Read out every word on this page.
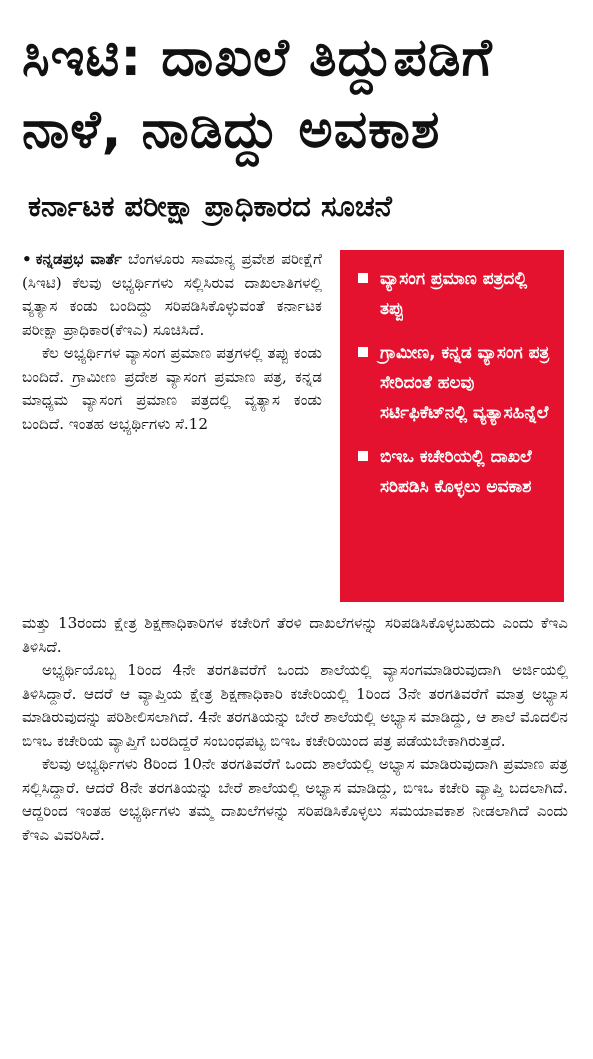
ಸಿಇಟಿ: ದಾಖಲೆ ತಿದ್ದುಪಡಿಗೆ
ನಾಳೆ, ನಾಡಿದ್ದು ಅವಕಾಶ
ಕರ್ನಾಟಕ ಪರೀಕ್ಷಾ ಪ್ರಾಧಿಕಾರದ ಸೂಚನೆ

• ಕನ್ನಡಪ್ರಭ ವಾರ್ತೆ ಬೆಂಗಳೂರು ಸಾಮಾನ್ಯ ಪ್ರವೇಶ ಪರೀಕ್ಷೆಗೆ (ಸಿಇಟಿ) ಕೆಲವು ಅಭ್ಯರ್ಥಿಗಳು ಸಲ್ಲಿಸಿರುವ ದಾಖಲಾತಿಗಳಲ್ಲಿ ವ್ಯತ್ಯಾಸ ಕಂಡು ಬಂದಿದ್ದು ಸರಿಪಡಿಸಿಕೊಳ್ಳುವಂತೆ ಕರ್ನಾಟಕ ಪರೀಕ್ಷಾ ಪ್ರಾಧಿಕಾರ(ಕೆಇಎ) ಸೂಚಿಸಿದೆ.

ಕೆಲ ಅಭ್ಯರ್ಥಿಗಳ ವ್ಯಾಸಂಗ ಪ್ರಮಾಣ ಪತ್ರಗಳಲ್ಲಿ ತಪ್ಪು ಕಂಡು ಬಂದಿದೆ. ಗ್ರಾಮೀಣ ಪ್ರದೇಶ ವ್ಯಾಸಂಗ ಪ್ರಮಾಣ ಪತ್ರ, ಕನ್ನಡ ಮಾಧ್ಯಮ ವ್ಯಾಸಂಗ ಪ್ರಮಾಣ ಪತ್ರದಲ್ಲಿ ವ್ಯತ್ಯಾಸ ಕಂಡು ಬಂದಿದೆ. ಇಂತಹ ಅಭ್ಯರ್ಥಿಗಳು ಸೆ.12

ವ್ಯಾಸಂಗ ಪ್ರಮಾಣ ಪತ್ರದಲ್ಲಿ ತಪ್ಪು
ಗ್ರಾಮೀಣ, ಕನ್ನಡ ವ್ಯಾಸಂಗ ಪತ್ರ ಸೇರಿದಂತೆ ಹಲವು ಸರ್ಟಿಫಿಕೆಟ್‌ನಲ್ಲಿ ವ್ಯತ್ಯಾಸಹಿನ್ನೆಲೆ
ಬಿಇಒ ಕಚೇರಿಯಲ್ಲಿ ದಾಖಲೆ ಸರಿಪಡಿಸಿ ಕೊಳ್ಳಲು ಅವಕಾಶ

ಮತ್ತು 13ರಂದು ಕ್ಷೇತ್ರ ಶಿಕ್ಷಣಾಧಿಕಾರಿಗಳ ಕಚೇರಿಗೆ ತೆರಳಿ ದಾಖಲೆಗಳನ್ನು ಸರಿಪಡಿಸಿಕೊಳ್ಳಬಹುದು ಎಂದು ಕೆಇಎ ತಿಳಿಸಿದೆ.

ಅಭ್ಯರ್ಥಿಯೊಬ್ಬ 1ರಿಂದ 4ನೇ ತರಗತಿವರೆಗೆ ಒಂದು ಶಾಲೆಯಲ್ಲಿ ವ್ಯಾಸಂಗಮಾಡಿರುವುದಾಗಿ ಅರ್ಜಿಯಲ್ಲಿ ತಿಳಿಸಿದ್ದಾರೆ. ಆದರೆ ಆ ವ್ಯಾಪ್ತಿಯ ಕ್ಷೇತ್ರ ಶಿಕ್ಷಣಾಧಿಕಾರಿ ಕಚೇರಿಯಲ್ಲಿ 1ರಿಂದ 3ನೇ ತರಗತಿವರೆಗೆ ಮಾತ್ರ ಅಭ್ಯಾಸ ಮಾಡಿರುವುದನ್ನು ಪರಿಶೀಲಿಸಲಾಗಿದೆ. 4ನೇ ತರಗತಿಯನ್ನು ಬೇರೆ ಶಾಲೆಯಲ್ಲಿ ಅಭ್ಯಾಸ ಮಾಡಿದ್ದು, ಆ ಶಾಲೆ ಮೊದಲಿನ ಬಿಇಒ ಕಚೇರಿಯ ವ್ಯಾಪ್ತಿಗೆ ಬರದಿದ್ದರೆ ಸಂಬಂಧಪಟ್ಟ ಬಿಇಒ ಕಚೇರಿಯಿಂದ ಪತ್ರ ಪಡೆಯಬೇಕಾಗಿರುತ್ತದೆ.

ಕೆಲವು ಅಭ್ಯರ್ಥಿಗಳು 8ರಿಂದ 10ನೇ ತರಗತಿವರೆಗೆ ಒಂದು ಶಾಲೆಯಲ್ಲಿ ಅಭ್ಯಾಸ ಮಾಡಿರುವುದಾಗಿ ಪ್ರಮಾಣ ಪತ್ರ ಸಲ್ಲಿಸಿದ್ದಾರೆ. ಆದರೆ 8ನೇ ತರಗತಿಯನ್ನು ಬೇರೆ ಶಾಲೆಯಲ್ಲಿ ಅಭ್ಯಾಸ ಮಾಡಿದ್ದು, ಬಿಇಒ ಕಚೇರಿ ವ್ಯಾಪ್ತಿ ಬದಲಾಗಿದೆ. ಆದ್ದರಿಂದ ಇಂತಹ ಅಭ್ಯರ್ಥಿಗಳು ತಮ್ಮ ದಾಖಲೆಗಳನ್ನು ಸರಿಪಡಿಸಿಕೊಳ್ಳಲು ಸಮಯಾವಕಾಶ ನೀಡಲಾಗಿದೆ ಎಂದು ಕೆಇಎ ವಿವರಿಸಿದೆ.
